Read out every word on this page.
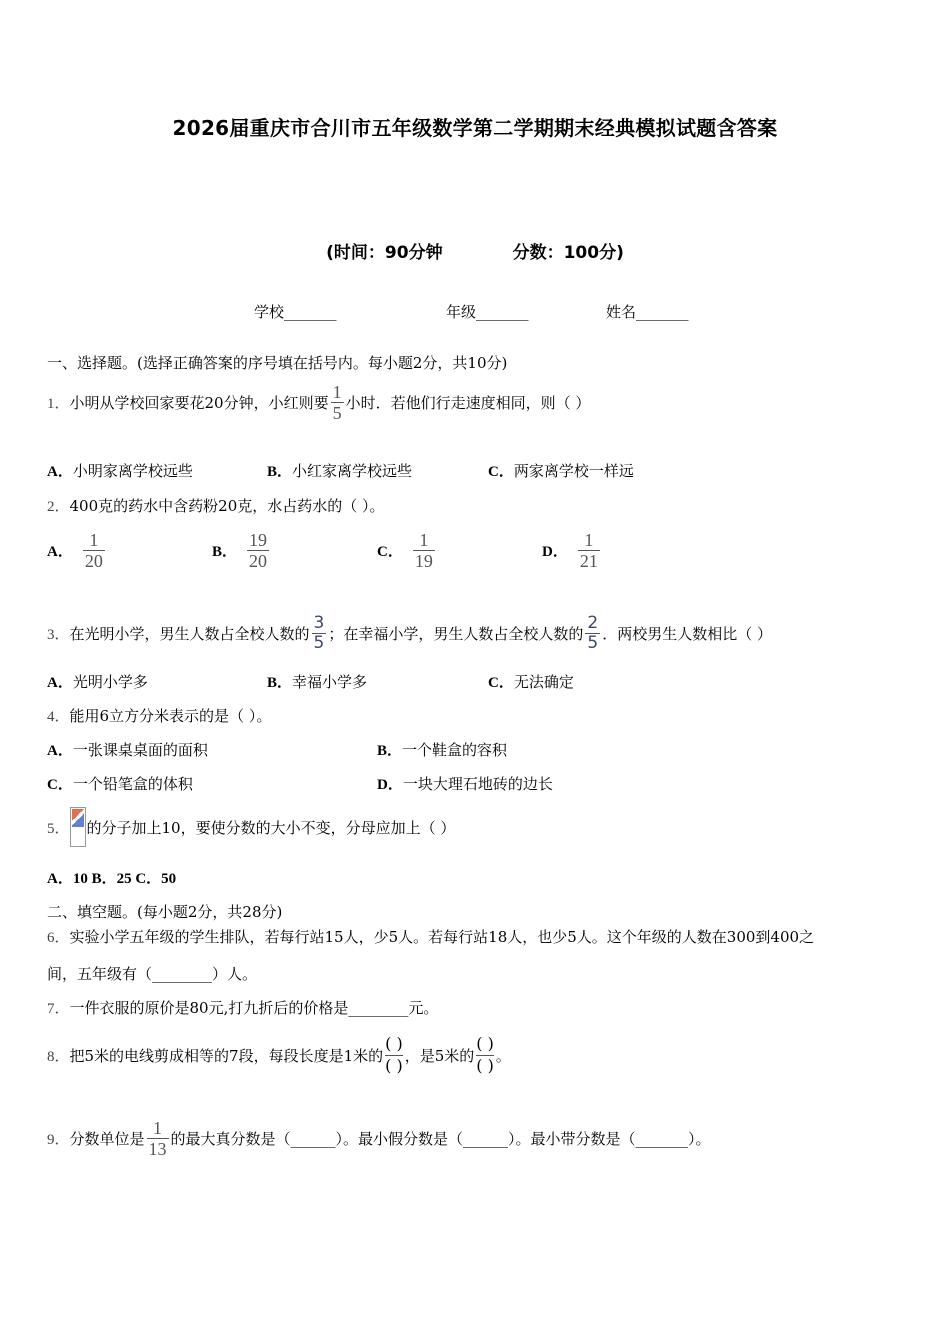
2026届重庆市合川市五年级数学第二学期期末经典模拟试题含答案
(时间：90分钟	分数：100分)
学校_______	年级_______	姓名_______
一、选择题。(选择正确答案的序号填在括号内。每小题2分，共10分)
1． 小明从学校回家要花20分钟，小红则要 $\frac{1}{5}$ 小时．若他们行走速度相同，则（ ）
A．小明家离学校远些	B．小红家离学校远些	C．两家离学校一样远
2．400克的药水中含药粉20克，水占药水的（ ）。
A． $\frac{1}{20}$	B． $\frac{19}{20}$	C． $\frac{1}{19}$	D． $\frac{1}{21}$
3． 在光明小学，男生人数占全校人数的 $\frac{3}{5}$ ；在幸福小学，男生人数占全校人数的 $\frac{2}{5}$ ．两校男生人数相比（ ）
A．光明小学多	B．幸福小学多	C．无法确定
4．能用6立方分米表示的是（ ）。
A．一张课桌桌面的面积	B．一个鞋盒的容积
C．一个铅笔盒的体积	D．一块大理石地砖的边长
5． 的分子加上10，要使分数的大小不变，分母应加上（ ）
A．10 B．25 C．50
二、填空题。(每小题2分，共28分)
6．实验小学五年级的学生排队，若每行站15人，少5人。若每行站18人，也少5人。这个年级的人数在300到400之
间，五年级有（________）人。
7．一件衣服的原价是80元,打九折后的价格是________元。
8． 把5米的电线剪成相等的7段，每段长度是1米的 $\frac{( )}{( )}$ ，是5米的 $\frac{( )}{( )}$ 。
9． 分数单位是 $\frac{1}{13}$ 的最大真分数是（______）。最小假分数是（______）。最小带分数是（_______）。
